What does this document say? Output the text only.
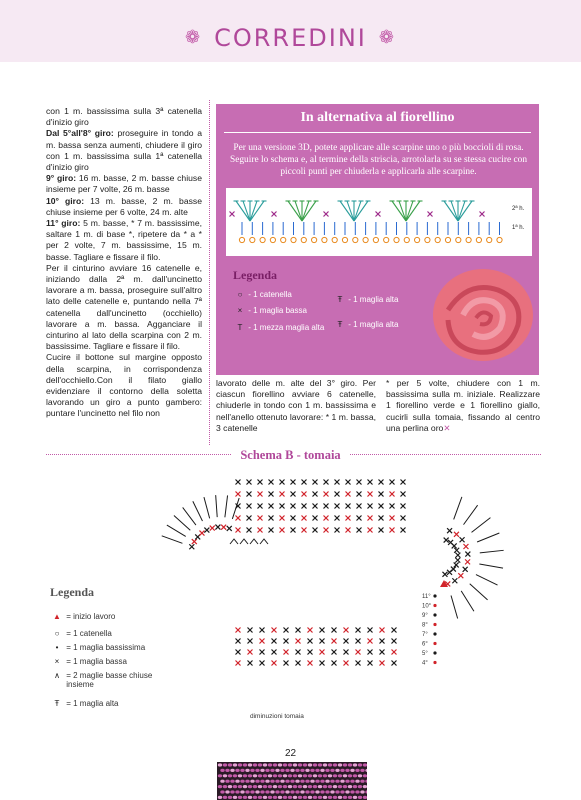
❁ CORREDINI ❁

con 1 m. bassissima sulla 3ª catenella d'inizio giro

Dal 5°all'8° giro: proseguire in tondo a m. bassa senza aumenti, chiudere il giro con 1 m. bassissima sulla 1ª catenella d'inizio giro

9° giro: 16 m. basse, 2 m. basse chiuse insieme per 7 volte, 26 m. basse

10° giro: 13 m. basse, 2 m. basse chiuse insieme per 6 volte, 24 m. alte

11° giro: 5 m. basse, * 7 m. bassissime, saltare 1 m. di base *, ripetere da * a * per 2 volte, 7 m. bassissime, 15 m. basse. Tagliare e fissare il filo.

Per il cinturino avviare 16 catenelle e, iniziando dalla 2ª m. dall'uncinetto lavorare a m. bassa, proseguire sull'altro lato delle catenelle e, puntando nella 7ª catenella dall'uncinetto (occhiello) lavorare a m. bassa. Agganciare il cinturino al lato della scarpina con 2 m. bassissime. Tagliare e fissare il filo.

Cucire il bottone sul margine opposto della scarpina, in corrispondenza dell'occhiello.Con il filato giallo evidenziare il contorno della soletta lavorando un giro a punto gambero: puntare l'uncinetto nel filo non

In alternativa al fiorellino
Per una versione 3D, potete applicare alle scarpine uno o più boccioli di rosa. Seguire lo schema e, al termine della striscia, arrotolarla su se stessa cucire con piccoli punti per chiuderla e applicarla alle scarpine.
2ª h.
1ª h.
Legenda
○ - 1 catenella
× - 1 maglia bassa
T - 1 mezza maglia alta
Ŧ - 1 maglia alta
Ŧ - 1 maglia alta

lavorato delle m. alte del 3° giro. Per ciascun fiorellino avviare 6 catenelle, chiuderle in tondo con 1 m. bassissima e nell'anello ottenuto lavorare: * 1 m. bassa, 3 catenelle

* per 5 volte, chiudere con 1 m. bassissima sulla m. iniziale. Realizzare 1 fiorellino verde e 1 fiorellino giallo, cucirli sulla tomaia, fissando al centro una perlina oro✕

Schema B - tomaia
11°
10°
9°
8°
7°
6°
5°
4°
Legenda
▲ = inizio lavoro
○ = 1 catenella
• = 1 maglia bassissima
× = 1 maglia bassa
∧ = 2 maglie basse chiuse insieme
Ŧ = 1 maglia alta
diminuzioni tomaia
22
PassionForum.ru
